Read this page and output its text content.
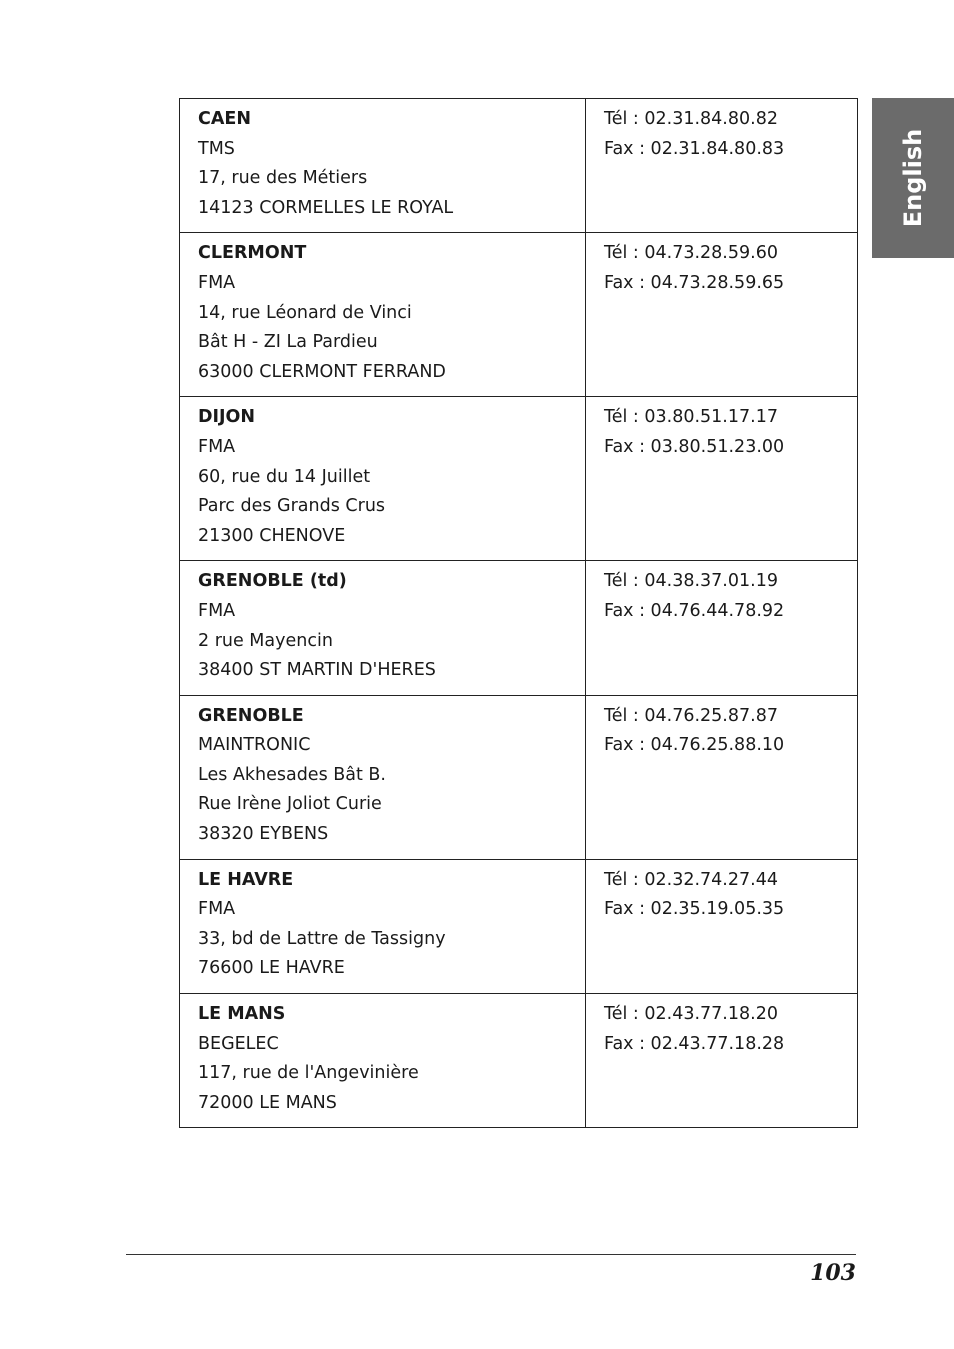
English
CAEN
TMS
17, rue des Métiers
14123 CORMELLES LE ROYAL	Tél : 02.31.84.80.82
Fax : 02.31.84.80.83

CLERMONT
FMA
14, rue Léonard de Vinci
Bât H - ZI La Pardieu
63000 CLERMONT FERRAND	Tél : 04.73.28.59.60
Fax : 04.73.28.59.65

DIJON
FMA
60, rue du 14 Juillet
Parc des Grands Crus
21300 CHENOVE	Tél : 03.80.51.17.17
Fax : 03.80.51.23.00

GRENOBLE (td)
FMA
2 rue Mayencin
38400 ST MARTIN D'HERES	Tél : 04.38.37.01.19
Fax : 04.76.44.78.92

GRENOBLE
MAINTRONIC
Les Akhesades Bât B.
Rue Irène Joliot Curie
38320 EYBENS	Tél : 04.76.25.87.87
Fax : 04.76.25.88.10

LE HAVRE
FMA
33, bd de Lattre de Tassigny
76600 LE HAVRE	Tél : 02.32.74.27.44
Fax : 02.35.19.05.35

LE MANS
BEGELEC
117, rue de l'Angevinière
72000 LE MANS	Tél : 02.43.77.18.20
Fax : 02.43.77.18.28
103
